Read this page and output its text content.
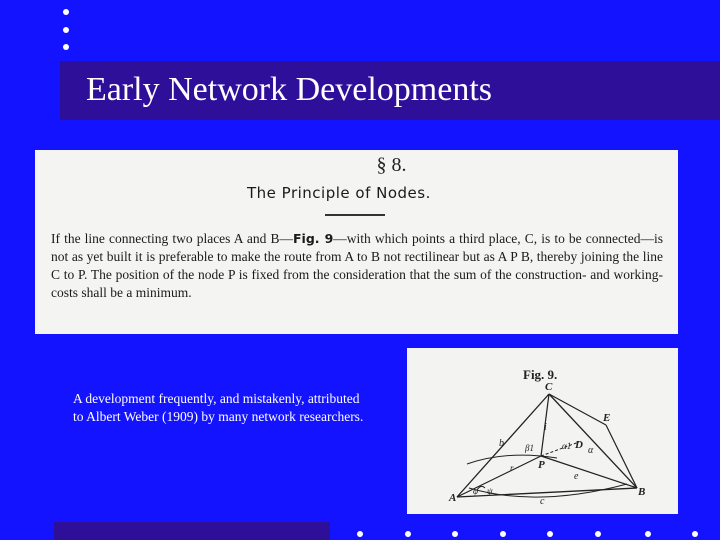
Early Network Developments
§ 8.
The Principle of Nodes.
If the line connecting two places A and B—Fig. 9—with which points a third place, C, is to be connected—is not as yet built it is preferable to make the route from A to B not rectilinear but as A P B, thereby joining the line C to P. The position of the node P is fixed from the consideration that the sum of the construction- and working-costs shall be a minimum.
A development frequently, and mistakenly, attributed to Albert Weber (1909) by many network researchers.
Fig. 9.
C
E
D
P
A	B
α
α1
β1
b
e
c
i
r
φ ψ
